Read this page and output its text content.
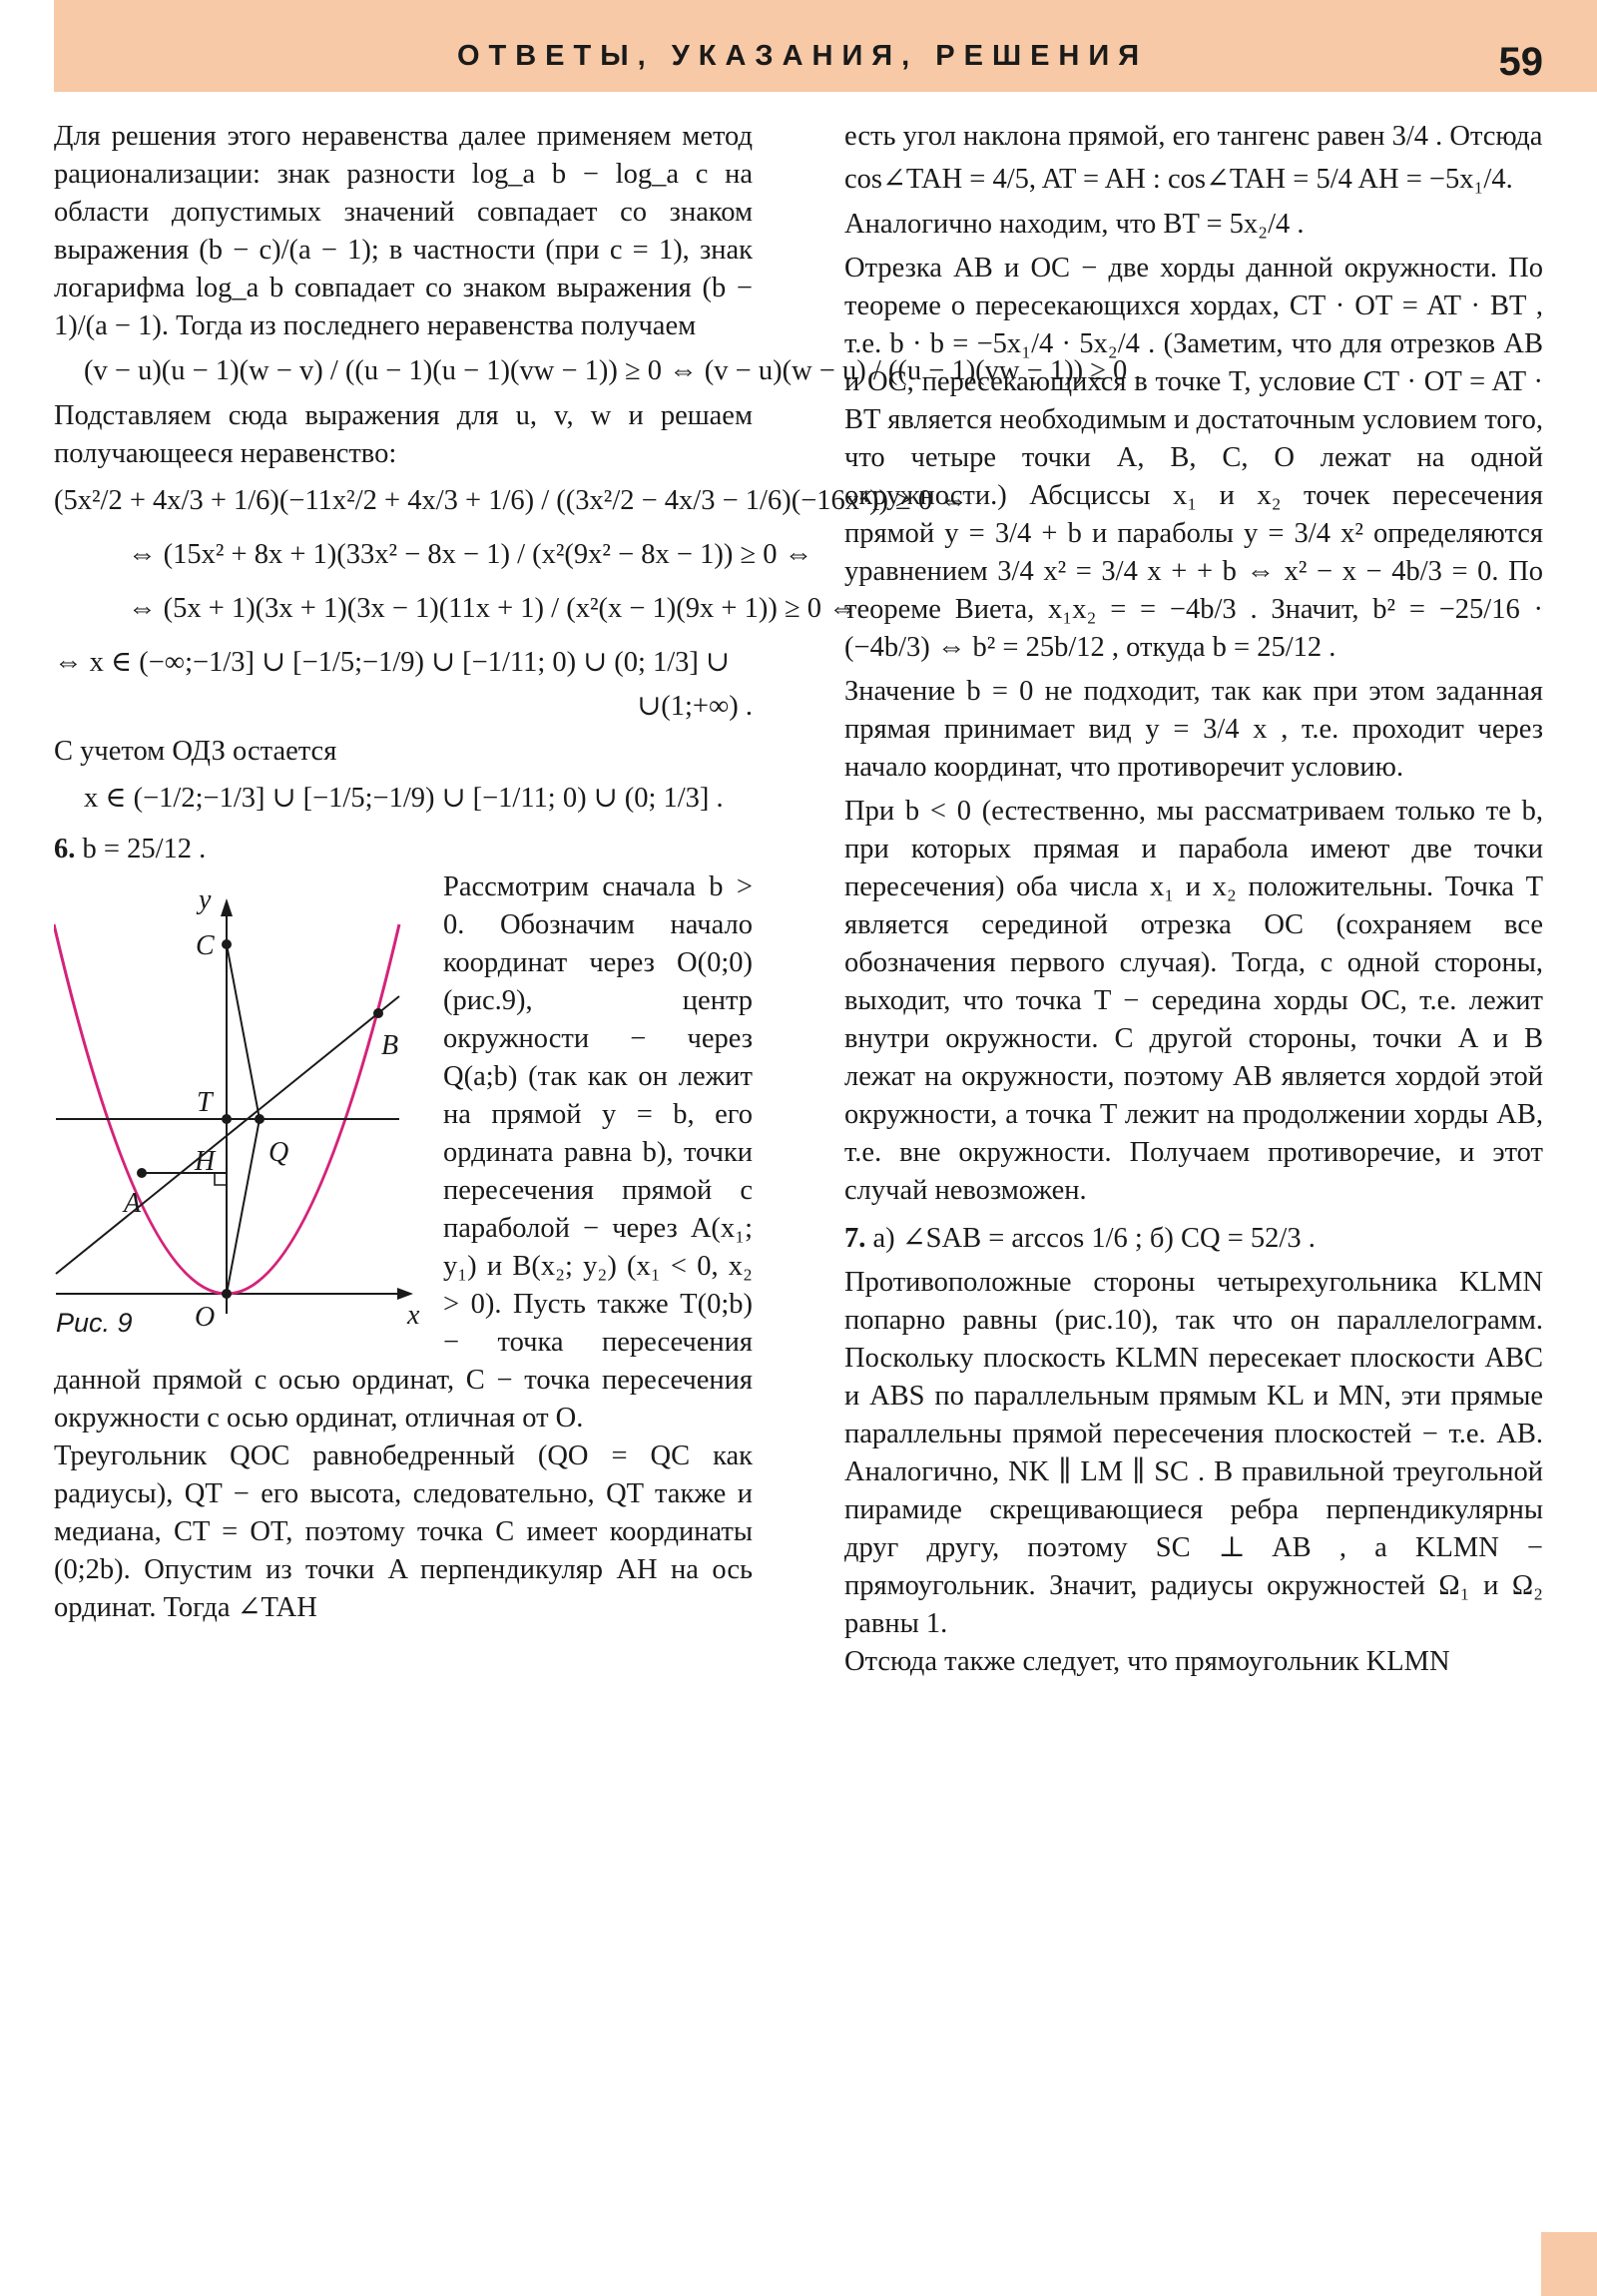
ОТВЕТЫ, УКАЗАНИЯ, РЕШЕНИЯ	59

Для решения этого неравенства далее применяем метод рационализации: знак разности log_a b − log_a c на области допустимых значений совпадает со знаком выражения (b − c)/(a − 1); в частности (при c = 1), знак логарифма log_a b совпадает со знаком выражения (b − 1)/(a − 1). Тогда из последнего неравенства получаем

(v − u)(u − 1)(w − v) / ((u − 1)(u − 1)(vw − 1)) ≥ 0 ⇔ (v − u)(w − u) / ((u − 1)(vw − 1)) ≥ 0 .

Подставляем сюда выражения для u, v, w и решаем получающееся неравенство:

(5x²/2 + 4x/3 + 1/6)(−11x²/2 + 4x/3 + 1/6) / ((3x²/2 − 4x/3 − 1/6)(−16x⁴)) ≥ 0 ⇔

⇔ (15x² + 8x + 1)(33x² − 8x − 1) / (x²(9x² − 8x − 1)) ≥ 0 ⇔

⇔ (5x + 1)(3x + 1)(3x − 1)(11x + 1) / (x²(x − 1)(9x + 1)) ≥ 0 ⇔

⇔ x ∈ (−∞;−1/3] ∪ [−1/5;−1/9) ∪ [−1/11; 0) ∪ (0; 1/3] ∪

∪(1;+∞) .

С учетом ОДЗ остается

x ∈ (−1/2;−1/3] ∪ [−1/5;−1/9) ∪ [−1/11; 0) ∪ (0; 1/3] .

6. b = 25/12 .

y
x
C
B
T
Q
H
A
O
Рис. 9

Рассмотрим сначала b > 0. Обозначим начало координат через O(0;0) (рис.9), центр окружности − через Q(a;b) (так как он лежит на прямой y = b, его ордината равна b), точки пересечения прямой с параболой − через A(x₁; y₁) и B(x₂; y₂) (x₁ < 0, x₂ > 0). Пусть также T(0;b) − точка пересечения данной прямой с осью ординат, C − точка пересечения окружности с осью ординат, отличная от O.

Треугольник QOC равнобедренный (QO = QC как радиусы), QT − его высота, следовательно, QT также и медиана, CT = OT, поэтому точка C имеет координаты (0;2b). Опустим из точки A перпендикуляр AH на ось ординат. Тогда ∠TAH

есть угол наклона прямой, его тангенс равен 3/4 . Отсюда

cos∠TAH = 4/5, AT = AH : cos∠TAH = 5/4 AH = −5x₁/4.

Аналогично находим, что BT = 5x₂/4 .

Отрезка AB и OC − две хорды данной окружности. По теореме о пересекающихся хордах, CT · OT = AT · BT , т.е. b · b = −5x₁/4 · 5x₂/4 . (Заметим, что для отрезков AB и OC, пересекающихся в точке T, условие CT · OT = AT · BT является необходимым и достаточным условием того, что четыре точки A, B, C, O лежат на одной окружности.) Абсциссы x₁ и x₂ точек пересечения прямой y = 3/4 + b и параболы y = 3/4 x² определяются уравнением 3/4 x² = 3/4 x + + b ⇔ x² − x − 4b/3 = 0. По теореме Виета, x₁x₂ = = −4b/3 . Значит, b² = −25/16 · (−4b/3) ⇔ b² = 25b/12 , откуда b = 25/12 .

Значение b = 0 не подходит, так как при этом заданная прямая принимает вид y = 3/4 x , т.е. проходит через начало координат, что противоречит условию.

При b < 0 (естественно, мы рассматриваем только те b, при которых прямая и парабола имеют две точки пересечения) оба числа x₁ и x₂ положительны. Точка T является серединой отрезка OC (сохраняем все обозначения первого случая). Тогда, с одной стороны, выходит, что точка T − середина хорды OC, т.е. лежит внутри окружности. С другой стороны, точки A и B лежат на окружности, поэтому AB является хордой этой окружности, а точка T лежит на продолжении хорды AB, т.е. вне окружности. Получаем противоречие, и этот случай невозможен.

7. а) ∠SAB = arccos 1/6 ; б) CQ = 52/3 .

Противоположные стороны четырехугольника KLMN попарно равны (рис.10), так что он параллелограмм. Поскольку плоскость KLMN пересекает плоскости ABC и ABS по параллельным прямым KL и MN, эти прямые параллельны прямой пересечения плоскостей − т.е. AB. Аналогично, NK ∥ LM ∥ SC . В правильной треугольной пирамиде скрещивающиеся ребра перпендикулярны друг другу, поэтому SC ⊥ AB , а KLMN − прямоугольник. Значит, радиусы окружностей Ω₁ и Ω₂ равны 1.

Отсюда также следует, что прямоугольник KLMN
